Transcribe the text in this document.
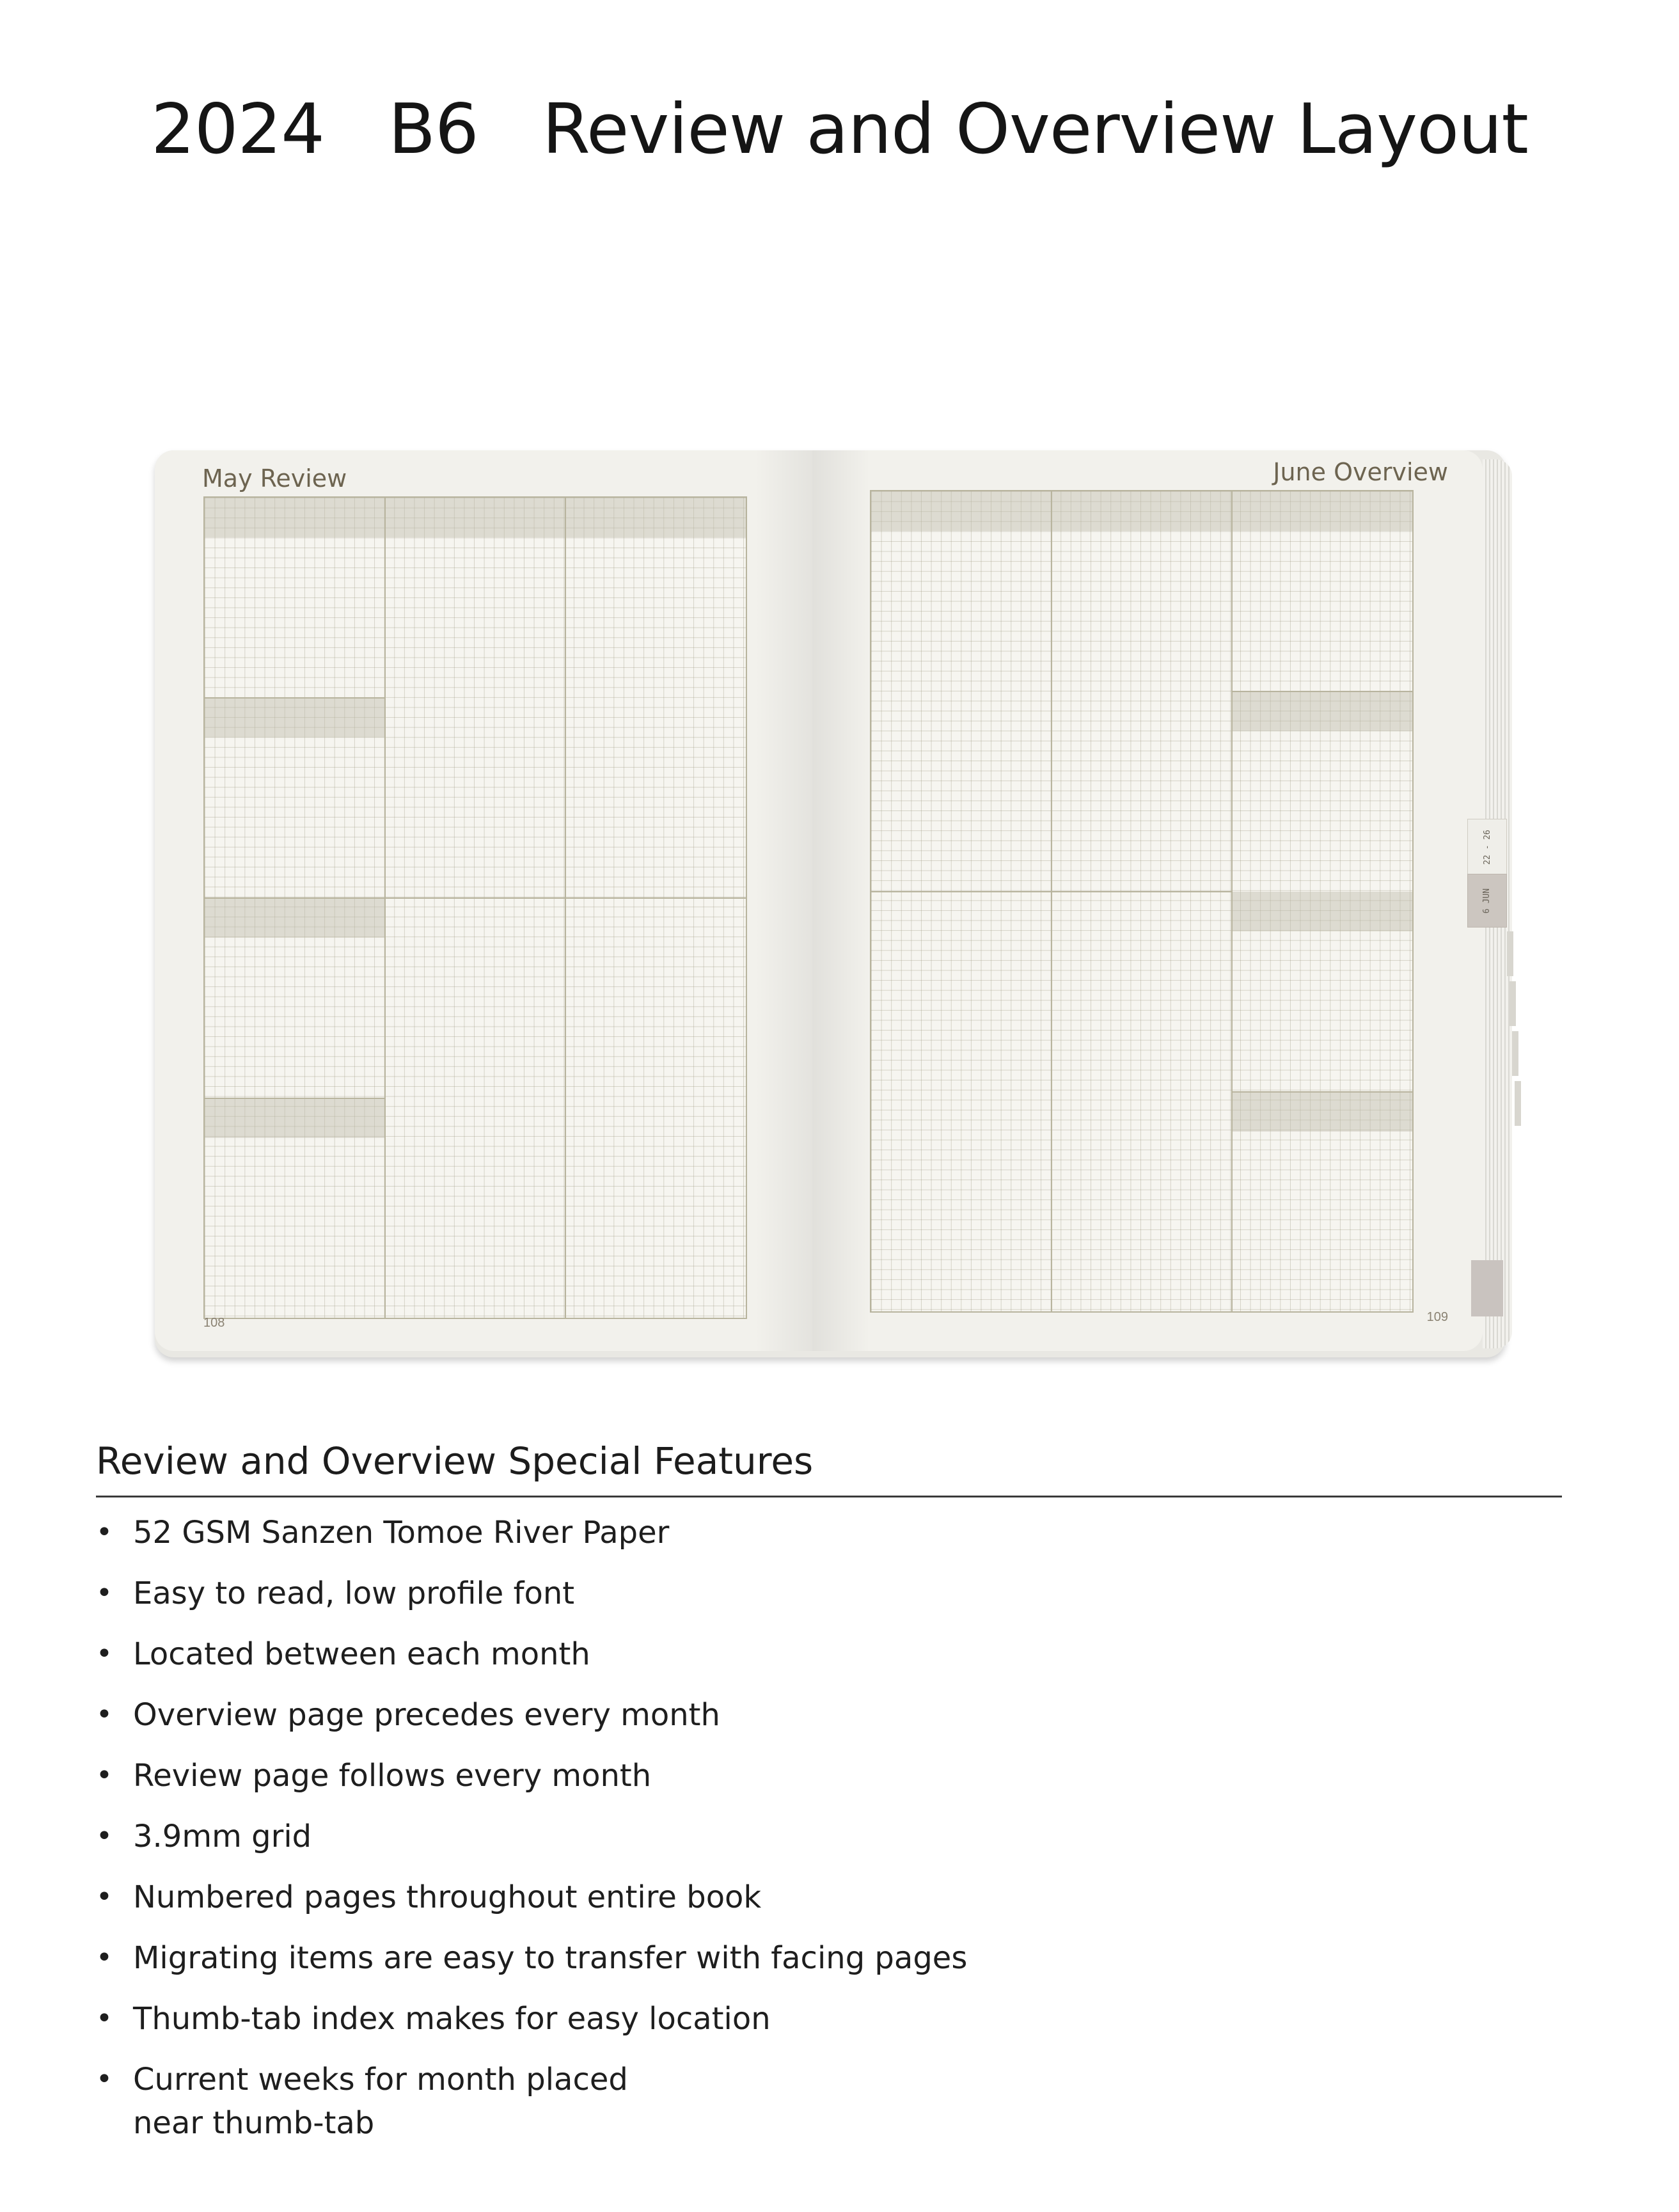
2024   B6   Review and Overview Layout
May Review
108
June Overview
109
22 - 26
6 JUN
Review and Overview Special Features
• 52 GSM Sanzen Tomoe River Paper
• Easy to read, low profile font
• Located between each month
• Overview page precedes every month
• Review page follows every month
• 3.9mm grid
• Numbered pages throughout entire book
• Migrating items are easy to transfer with facing pages
• Thumb-tab index makes for easy location
• Current weeks for month placed
near thumb-tab
